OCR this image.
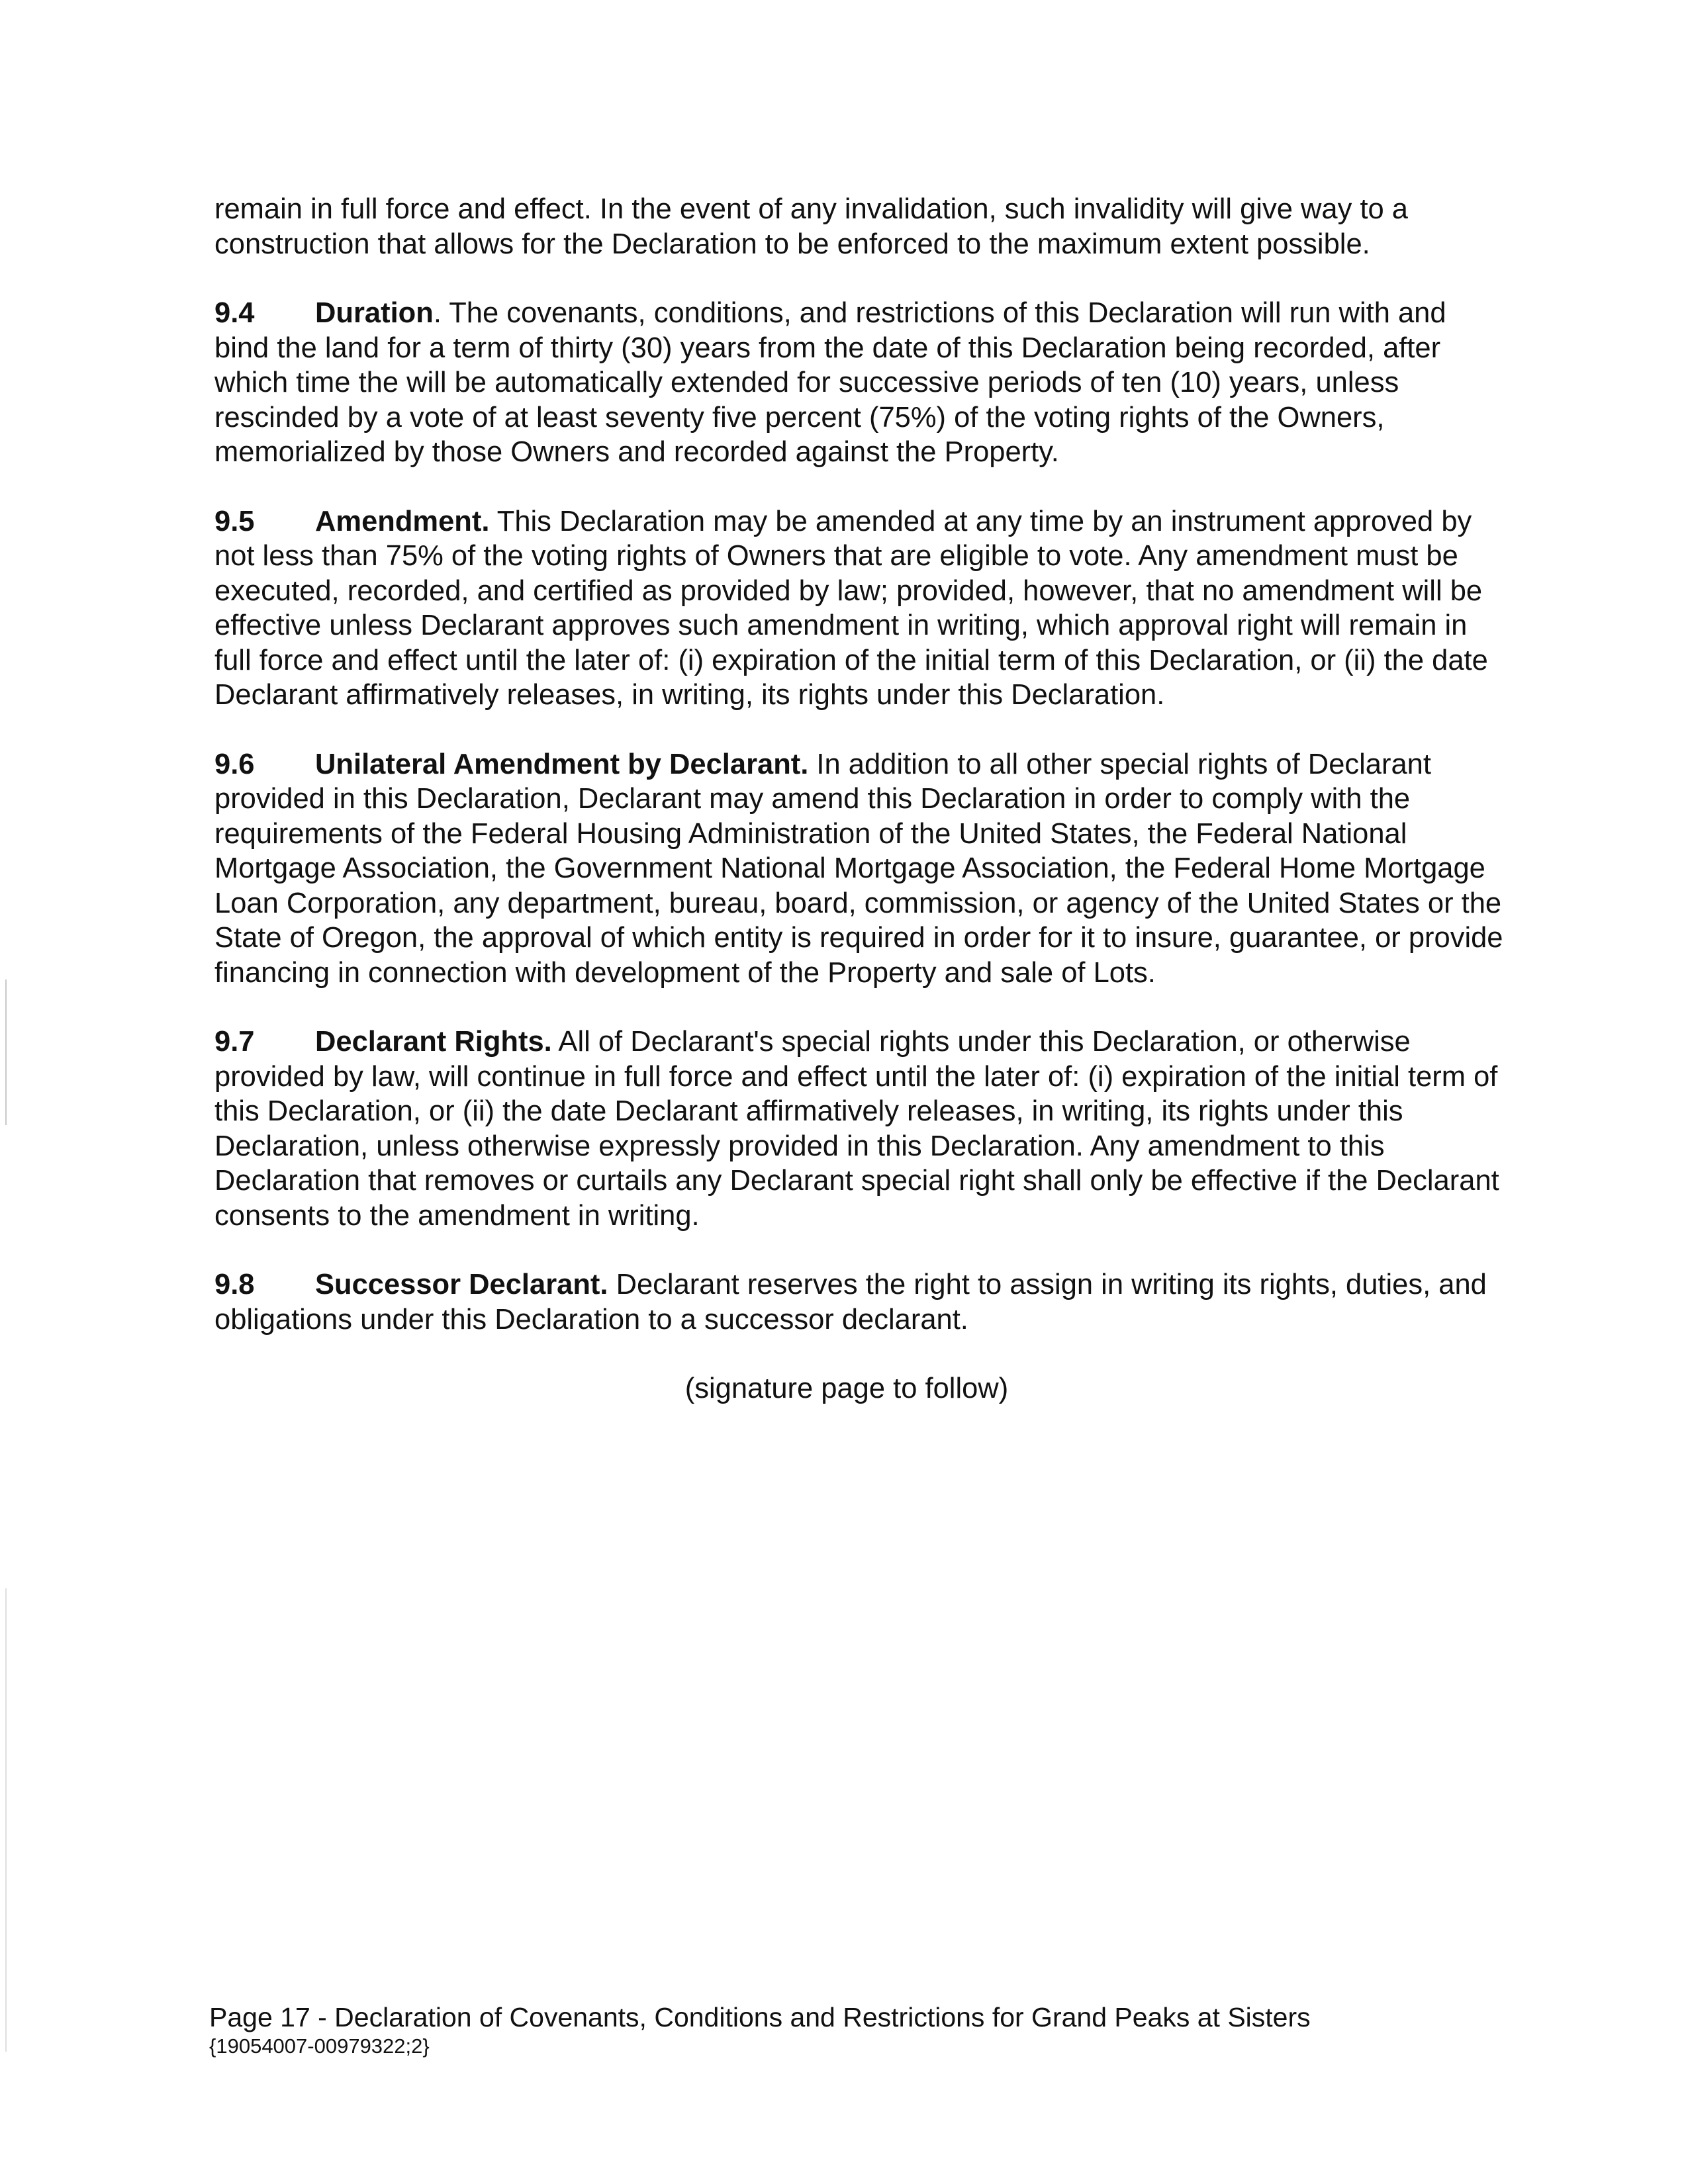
remain in full force and effect. In the event of any invalidation, such invalidity will give way to a construction that allows for the Declaration to be enforced to the maximum extent possible.

9.4 Duration. The covenants, conditions, and restrictions of this Declaration will run with and bind the land for a term of thirty (30) years from the date of this Declaration being recorded, after which time the will be automatically extended for successive periods of ten (10) years, unless rescinded by a vote of at least seventy five percent (75%) of the voting rights of the Owners, memorialized by those Owners and recorded against the Property.

9.5 Amendment. This Declaration may be amended at any time by an instrument approved by not less than 75% of the voting rights of Owners that are eligible to vote. Any amendment must be executed, recorded, and certified as provided by law; provided, however, that no amendment will be effective unless Declarant approves such amendment in writing, which approval right will remain in full force and effect until the later of: (i) expiration of the initial term of this Declaration, or (ii) the date Declarant affirmatively releases, in writing, its rights under this Declaration.

9.6 Unilateral Amendment by Declarant. In addition to all other special rights of Declarant provided in this Declaration, Declarant may amend this Declaration in order to comply with the requirements of the Federal Housing Administration of the United States, the Federal National Mortgage Association, the Government National Mortgage Association, the Federal Home Mortgage Loan Corporation, any department, bureau, board, commission, or agency of the United States or the State of Oregon, the approval of which entity is required in order for it to insure, guarantee, or provide financing in connection with development of the Property and sale of Lots.

9.7 Declarant Rights. All of Declarant's special rights under this Declaration, or otherwise provided by law, will continue in full force and effect until the later of: (i) expiration of the initial term of this Declaration, or (ii) the date Declarant affirmatively releases, in writing, its rights under this Declaration, unless otherwise expressly provided in this Declaration. Any amendment to this Declaration that removes or curtails any Declarant special right shall only be effective if the Declarant consents to the amendment in writing.

9.8 Successor Declarant. Declarant reserves the right to assign in writing its rights, duties, and obligations under this Declaration to a successor declarant.

(signature page to follow)

Page 17 - Declaration of Covenants, Conditions and Restrictions for Grand Peaks at Sisters
{19054007-00979322;2}
